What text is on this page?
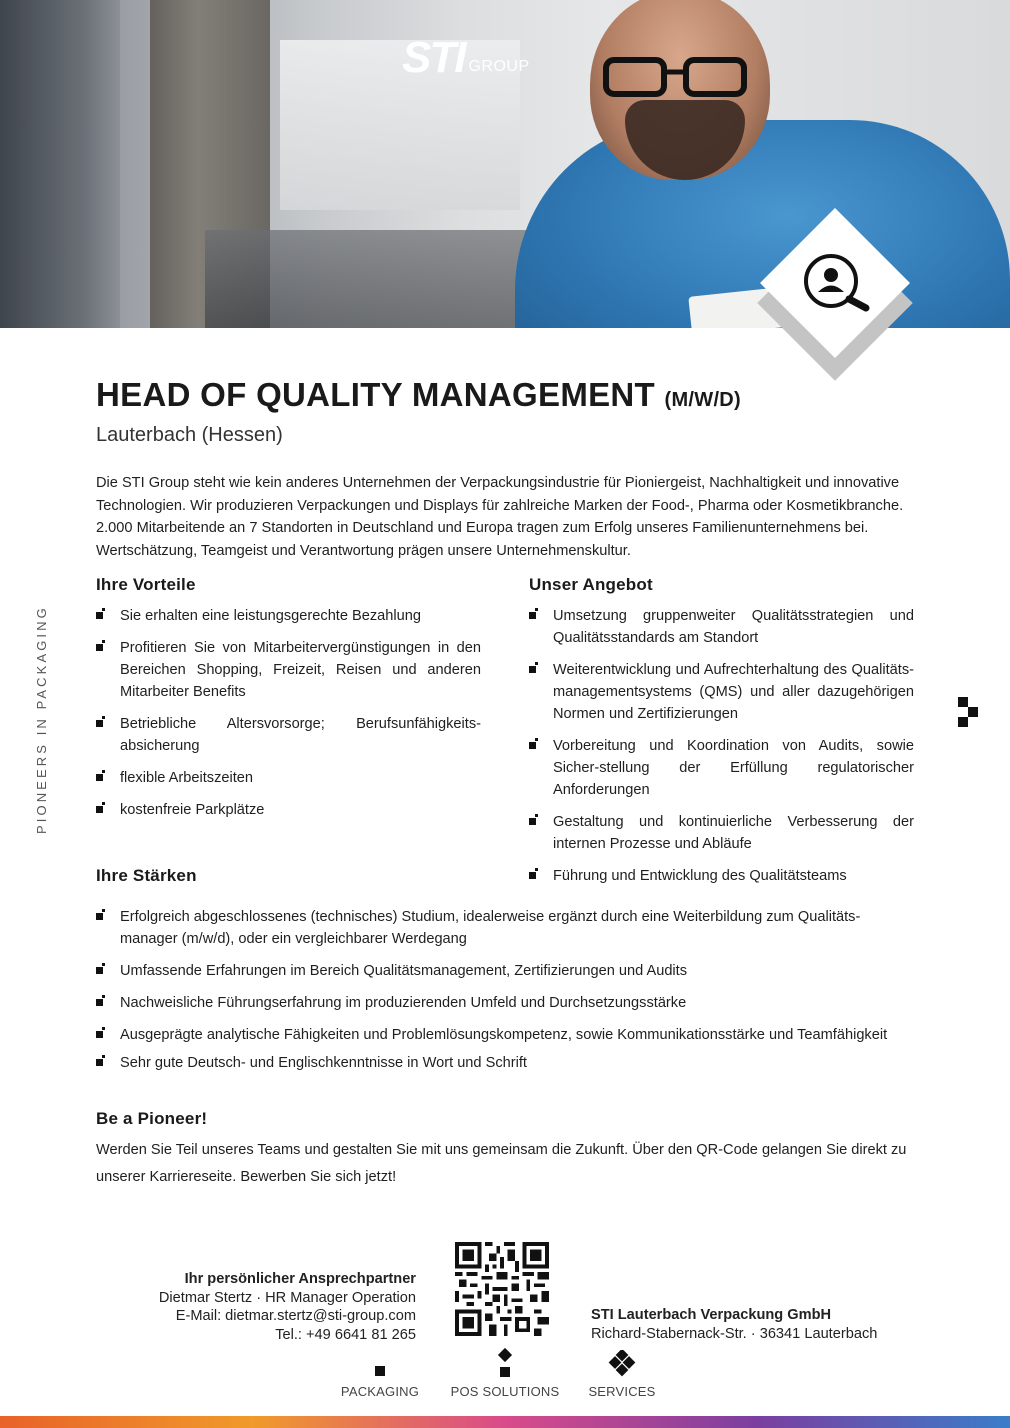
STI GROUP
HEAD OF QUALITY MANAGEMENT (M/W/D)
Lauterbach (Hessen)
Die STI Group steht wie kein anderes Unternehmen der Verpackungsindustrie für Pioniergeist, Nachhaltigkeit und innovative Technologien. Wir produzieren Verpackungen und Displays für zahlreiche Marken der Food-, Pharma oder Kosmetikbranche. 2.000 Mitarbeitende an 7 Standorten in Deutschland und Europa tragen zum Erfolg unseres Familienunternehmens bei. Wertschätzung, Teamgeist und Verantwortung prägen unsere Unternehmenskultur.
PIONEERS IN PACKAGING
Ihre Vorteile
Sie erhalten eine leistungsgerechte Bezahlung
Profitieren Sie von Mitarbeitervergünstigungen in den Bereichen Shopping, Freizeit, Reisen und anderen Mitarbeiter Benefits
Betriebliche Altersvorsorge; Berufsunfähigkeits-absicherung
flexible Arbeitszeiten
kostenfreie Parkplätze
Unser Angebot
Umsetzung gruppenweiter Qualitätsstrategien und Qualitätsstandards am Standort
Weiterentwicklung und Aufrechterhaltung des Qualitäts-managementsystems (QMS) und aller dazugehörigen Normen und Zertifizierungen
Vorbereitung und Koordination von Audits, sowie Sicher-stellung der Erfüllung regulatorischer Anforderungen
Gestaltung und kontinuierliche Verbesserung der internen Prozesse und Abläufe
Führung und Entwicklung des Qualitätsteams
Ihre Stärken
Erfolgreich abgeschlossenes (technisches) Studium, idealerweise ergänzt durch eine Weiterbildung zum Qualitäts-manager (m/w/d), oder ein vergleichbarer Werdegang
Umfassende Erfahrungen im Bereich Qualitätsmanagement, Zertifizierungen und Audits
Nachweisliche Führungserfahrung im produzierenden Umfeld und Durchsetzungsstärke
Ausgeprägte analytische Fähigkeiten und Problemlösungskompetenz, sowie Kommunikationsstärke und Teamfähigkeit
Sehr gute Deutsch- und Englischkenntnisse in Wort und Schrift
Be a Pioneer!
Werden Sie Teil unseres Teams und gestalten Sie mit uns gemeinsam die Zukunft. Über den QR-Code gelangen Sie direkt zu unserer Karriereseite. Bewerben Sie sich jetzt!
Ihr persönlicher Ansprechpartner
Dietmar Stertz · HR Manager Operation
E-Mail: dietmar.stertz@sti-group.com
Tel.: +49 6641 81 265
STI Lauterbach Verpackung GmbH
Richard-Stabernack-Str. · 36341 Lauterbach
PACKAGING	POS SOLUTIONS	SERVICES
